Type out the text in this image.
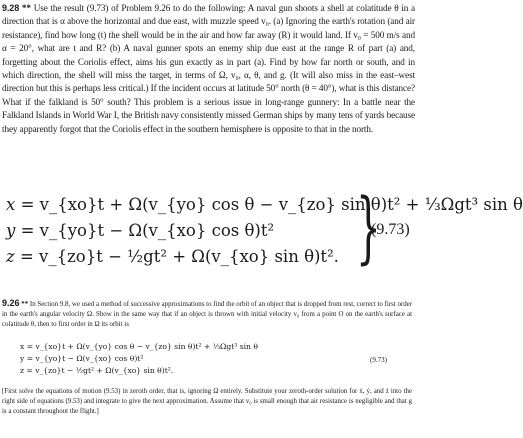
9.28 ** Use the result (9.73) of Problem 9.26 to do the following: A naval gun shoots a shell at colatitude θ in a direction that is α above the horizontal and due east, with muzzle speed v₀. (a) Ignoring the earth's rotation (and air resistance), find how long (t) the shell would be in the air and how far away (R) it would land. If v₀ = 500 m/s and α = 20°, what are t and R? (b) A naval gunner spots an enemy ship due east at the range R of part (a) and, forgetting about the Coriolis effect, aims his gun exactly as in part (a). Find by how far north or south, and in which direction, the shell will miss the target, in terms of Ω, v₀, α, θ, and g. (It will also miss in the east–west direction but this is perhaps less critical.) If the incident occurs at latitude 50° north (θ = 40°), what is this distance? What if the falkland is 50° south? This problem is a serious issue in long-range gunnery: In a battle near the Falkland Islands in World War I, the British navy consistently missed German ships by many tens of yards because they apparently forgot that the Coriolis effect in the southern hemisphere is opposite to that in the north.
x = v_{xo}t + Ω(v_{yo} cos θ − v_{zo} sin θ)t² + ⅓Ωgt³ sin θ
y = v_{yo}t − Ω(v_{xo} cos θ)t²
z = v_{zo}t − ½gt² + Ω(v_{xo} sin θ)t². }
(9.73)
9.26 ** In Section 9.8, we used a method of successive approximations to find the orbit of an object that is dropped from rest, correct to first order in the earth's angular velocity Ω. Show in the same way that if an object is thrown with initial velocity v₀ from a point O on the earth's surface at colatitude θ, then to first order in Ω its orbit is
x = v_{xo}t + Ω(v_{yo} cos θ − v_{zo} sin θ)t² + ⅓Ωgt³ sin θ
y = v_{yo}t − Ω(v_{xo} cos θ)t²
z = v_{zo}t − ½gt² + Ω(v_{xo} sin θ)t².
(9.73)
[First solve the equations of motion (9.53) in zeroth order, that is, ignoring Ω entirely. Substitute your zeroth-order solution for ẋ, ẏ, and ż into the right side of equations (9.53) and integrate to give the next approximation. Assume that v₀ is small enough that air resistance is negligible and that g is a constant throughout the flight.]
